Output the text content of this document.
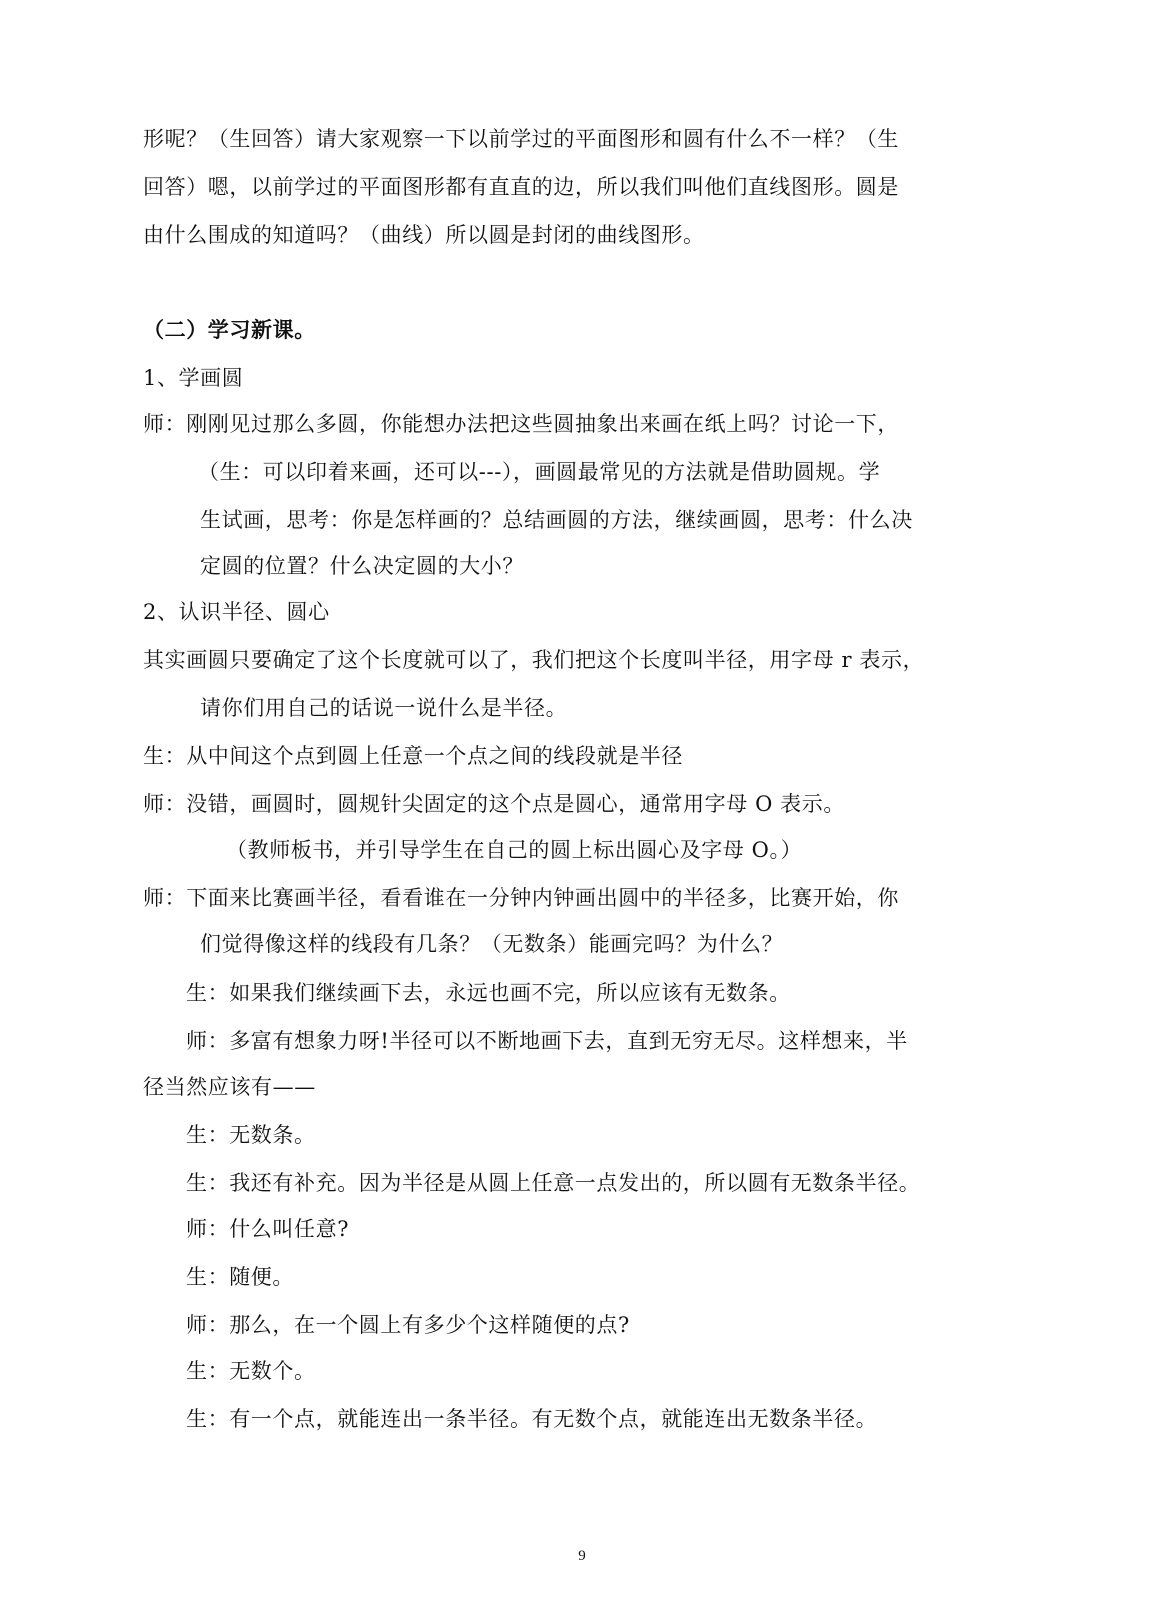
形呢？（生回答）请大家观察一下以前学过的平面图形和圆有什么不一样？（生
回答）嗯，以前学过的平面图形都有直直的边，所以我们叫他们直线图形。圆是
由什么围成的知道吗？（曲线）所以圆是封闭的曲线图形。
（二）学习新课。
1、学画圆
师：刚刚见过那么多圆，你能想办法把这些圆抽象出来画在纸上吗？讨论一下，
（生：可以印着来画，还可以---），画圆最常见的方法就是借助圆规。学
生试画，思考：你是怎样画的？总结画圆的方法，继续画圆，思考：什么决
定圆的位置？什么决定圆的大小？
2、认识半径、圆心
其实画圆只要确定了这个长度就可以了，我们把这个长度叫半径，用字母 r 表示，
请你们用自己的话说一说什么是半径。
生：从中间这个点到圆上任意一个点之间的线段就是半径
师：没错，画圆时，圆规针尖固定的这个点是圆心，通常用字母 O 表示。
（教师板书，并引导学生在自己的圆上标出圆心及字母 O。）
师：下面来比赛画半径，看看谁在一分钟内钟画出圆中的半径多，比赛开始，你
们觉得像这样的线段有几条？（无数条）能画完吗？为什么？
生：如果我们继续画下去，永远也画不完，所以应该有无数条。
师：多富有想象力呀!半径可以不断地画下去，直到无穷无尽。这样想来，半
径当然应该有——
生：无数条。
生：我还有补充。因为半径是从圆上任意一点发出的，所以圆有无数条半径。
师：什么叫任意?
生：随便。
师：那么，在一个圆上有多少个这样随便的点?
生：无数个。
生：有一个点，就能连出一条半径。有无数个点，就能连出无数条半径。
9
